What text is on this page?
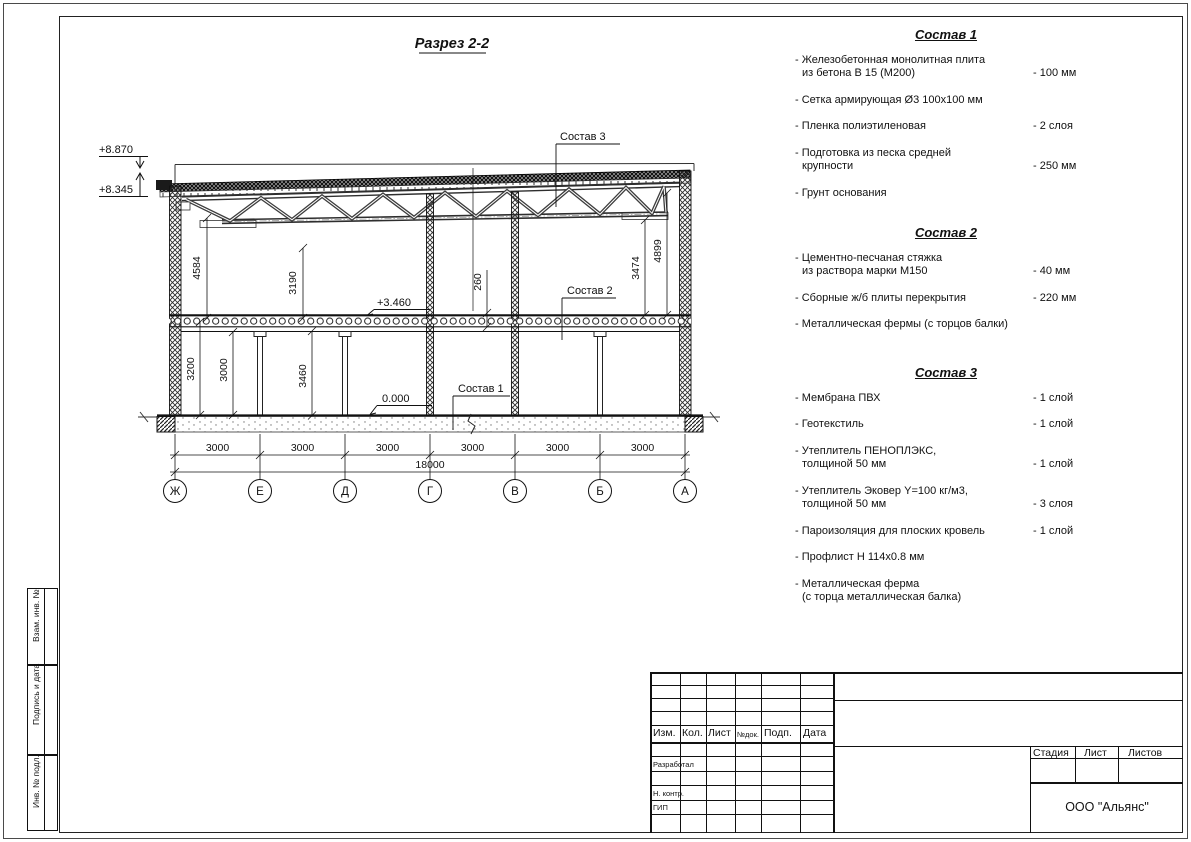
Разрез 2-2
+8.870
+8.345
+3.460
0.000
Состав 3
Состав 2
Состав 1
4584
3190
3200 3000	3460
260
3474
4899
3000	3000	3000	3000	3000	3000
18000
Ж	Е	Д	Г	В	Б	А
Состав 1
- Железобетонная монолитная плита
из бетона В 15 (М200)	- 100 мм
- Сетка армирующая Ø3 100х100 мм
- Пленка полиэтиленовая	- 2 слоя
- Подготовка из песка средней
крупности	- 250 мм
- Грунт основания
Состав 2
- Цементно-песчаная стяжка
из раствора марки М150	- 40 мм
- Сборные ж/б плиты перекрытия	- 220 мм
- Металлическая фермы (с торцов балки)
Состав 3
- Мембрана ПВХ	- 1 слой
- Геотекстиль	- 1 слой
- Утеплитель ПЕНОПЛЭКС,
толщиной 50 мм	- 1 слой
- Утеплитель Эковер Y=100 кг/м3,
толщиной 50 мм	- 3 слоя
- Пароизоляция для плоских кровель	- 1 слой
- Профлист Н 114х0.8 мм
- Металлическая ферма
(с торца металлическая балка)
Изм. Кол. Лист №док. Подп. Дата
Разработал
Н. контр.
ГИП
Стадия Лист Листов
ООО "Альянс"
Взам. инв. №
Подпись и дата
Инв. № подл.
